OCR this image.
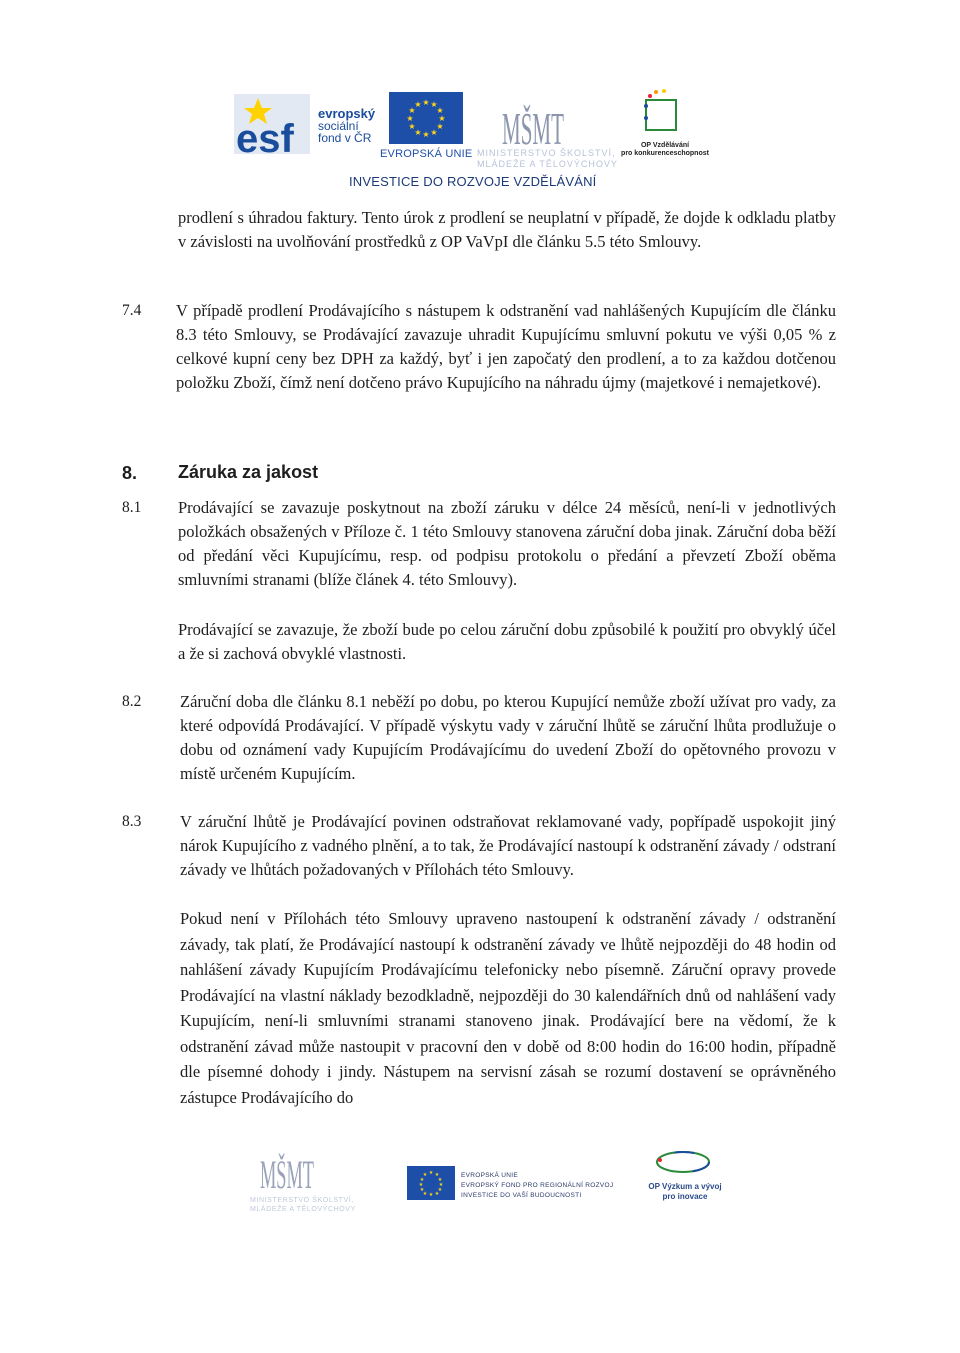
esf
evropský
sociální
fond v ČR
★ ★
★
★
★
★
★
★
★
★
★
★
EVROPSKÁ UNIE MŠMT
MINISTERSTVO ŠKOLSTVÍ, MLÁDEŽE A TĚLOVÝCHOVY
OP Vzdělávání
pro konkurenceschopnost
INVESTICE DO ROZVOJE VZDĚLÁVÁNÍ
prodlení s úhradou faktury. Tento úrok z prodlení se neuplatní v případě, že dojde k odkladu platby v závislosti na uvolňování prostředků z OP VaVpI dle článku 5.5 této Smlouvy.
7.4 V případě prodlení Prodávajícího s nástupem k odstranění vad nahlášených Kupujícím dle článku 8.3 této Smlouvy, se Prodávající zavazuje uhradit Kupujícímu smluvní pokutu ve výši 0,05 % z celkové kupní ceny bez DPH za každý, byť i jen započatý den prodlení, a to za každou dotčenou položku Zboží, čímž není dotčeno právo Kupujícího na náhradu újmy (majetkové i nemajetkové).
8. Záruka za jakost
8.1 Prodávající se zavazuje poskytnout na zboží záruku v délce 24 měsíců, není-li v jednotlivých položkách obsažených v Příloze č. 1 této Smlouvy stanovena záruční doba jinak. Záruční doba běží od předání věci Kupujícímu, resp. od podpisu protokolu o předání a převzetí Zboží oběma smluvními stranami (blíže článek 4. této Smlouvy).
Prodávající se zavazuje, že zboží bude po celou záruční dobu způsobilé k použití pro obvyklý účel a že si zachová obvyklé vlastnosti.
8.2 Záruční doba dle článku 8.1 neběží po dobu, po kterou Kupující nemůže zboží užívat pro vady, za které odpovídá Prodávající. V případě výskytu vady v záruční lhůtě se záruční lhůta prodlužuje o dobu od oznámení vady Kupujícím Prodávajícímu do uvedení Zboží do opětovného provozu v místě určeném Kupujícím.
8.3 V záruční lhůtě je Prodávající povinen odstraňovat reklamované vady, popřípadě uspokojit jiný nárok Kupujícího z vadného plnění, a to tak, že Prodávající nastoupí k odstranění závady / odstraní závady ve lhůtách požadovaných v Přílohách této Smlouvy.
Pokud není v Přílohách této Smlouvy upraveno nastoupení k odstranění závady / odstranění závady, tak platí, že Prodávající nastoupí k odstranění závady ve lhůtě nejpozději do 48 hodin od nahlášení závady Kupujícím Prodávajícímu telefonicky nebo písemně. Záruční opravy provede Prodávající na vlastní náklady bezodkladně, nejpozději do 30 kalendářních dnů od nahlášení vady Kupujícím, není-li smluvními stranami stanoveno jinak. Prodávající bere na vědomí, že k odstranění závad může nastoupit v pracovní den v době od 8:00 hodin do 16:00 hodin, případně dle písemné dohody i jindy. Nástupem na servisní zásah se rozumí dostavení se oprávněného zástupce Prodávajícího do
MŠMT
MINISTERSTVO ŠKOLSTVÍ, MLÁDEŽE A TĚLOVÝCHOVY
★ ★
★
★
★
★
★
★
★
★
★
★	EVROPSKÁ UNIE
EVROPSKÝ FOND PRO REGIONÁLNÍ ROZVOJ
INVESTICE DO VAŠÍ BUDOUCNOSTI
OP Výzkum a vývoj
pro inovace
